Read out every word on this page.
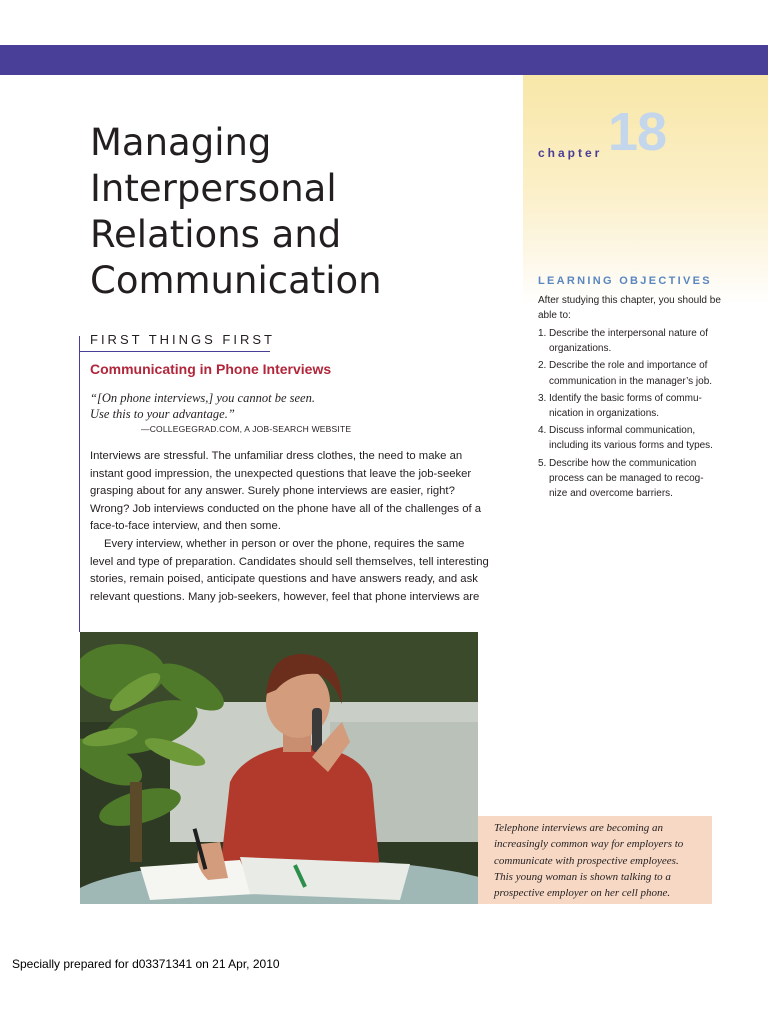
chapter 18
Managing
Interpersonal
Relations and
Communication
FIRST THINGS FIRST
Communicating in Phone Interviews
“[On phone interviews,] you cannot be seen.
Use this to your advantage.”
—COLLEGEGRAD.COM, A JOB-SEARCH WEBSITE
Interviews are stressful. The unfamiliar dress clothes, the need to make an
instant good impression, the unexpected questions that leave the job-seeker
grasping about for any answer. Surely phone interviews are easier, right?
Wrong? Job interviews conducted on the phone have all of the challenges of a
face-to-face interview, and then some.
Every interview, whether in person or over the phone, requires the same
level and type of preparation. Candidates should sell themselves, tell interesting
stories, remain poised, anticipate questions and have answers ready, and ask
relevant questions. Many job-seekers, however, feel that phone interviews are
LEARNING OBJECTIVES
After studying this chapter, you should be able to:
1. Describe the interpersonal nature of
organizations.
2. Describe the role and importance of
communication in the manager’s job.
3. Identify the basic forms of commu-
nication in organizations.
4. Discuss informal communication,
including its various forms and types.
5. Describe how the communication
process can be managed to recog-
nize and overcome barriers.
Telephone interviews are becoming an
increasingly common way for employers to
communicate with prospective employees.
This young woman is shown talking to a
prospective employer on her cell phone.
Specially prepared for d03371341 on 21 Apr, 2010
